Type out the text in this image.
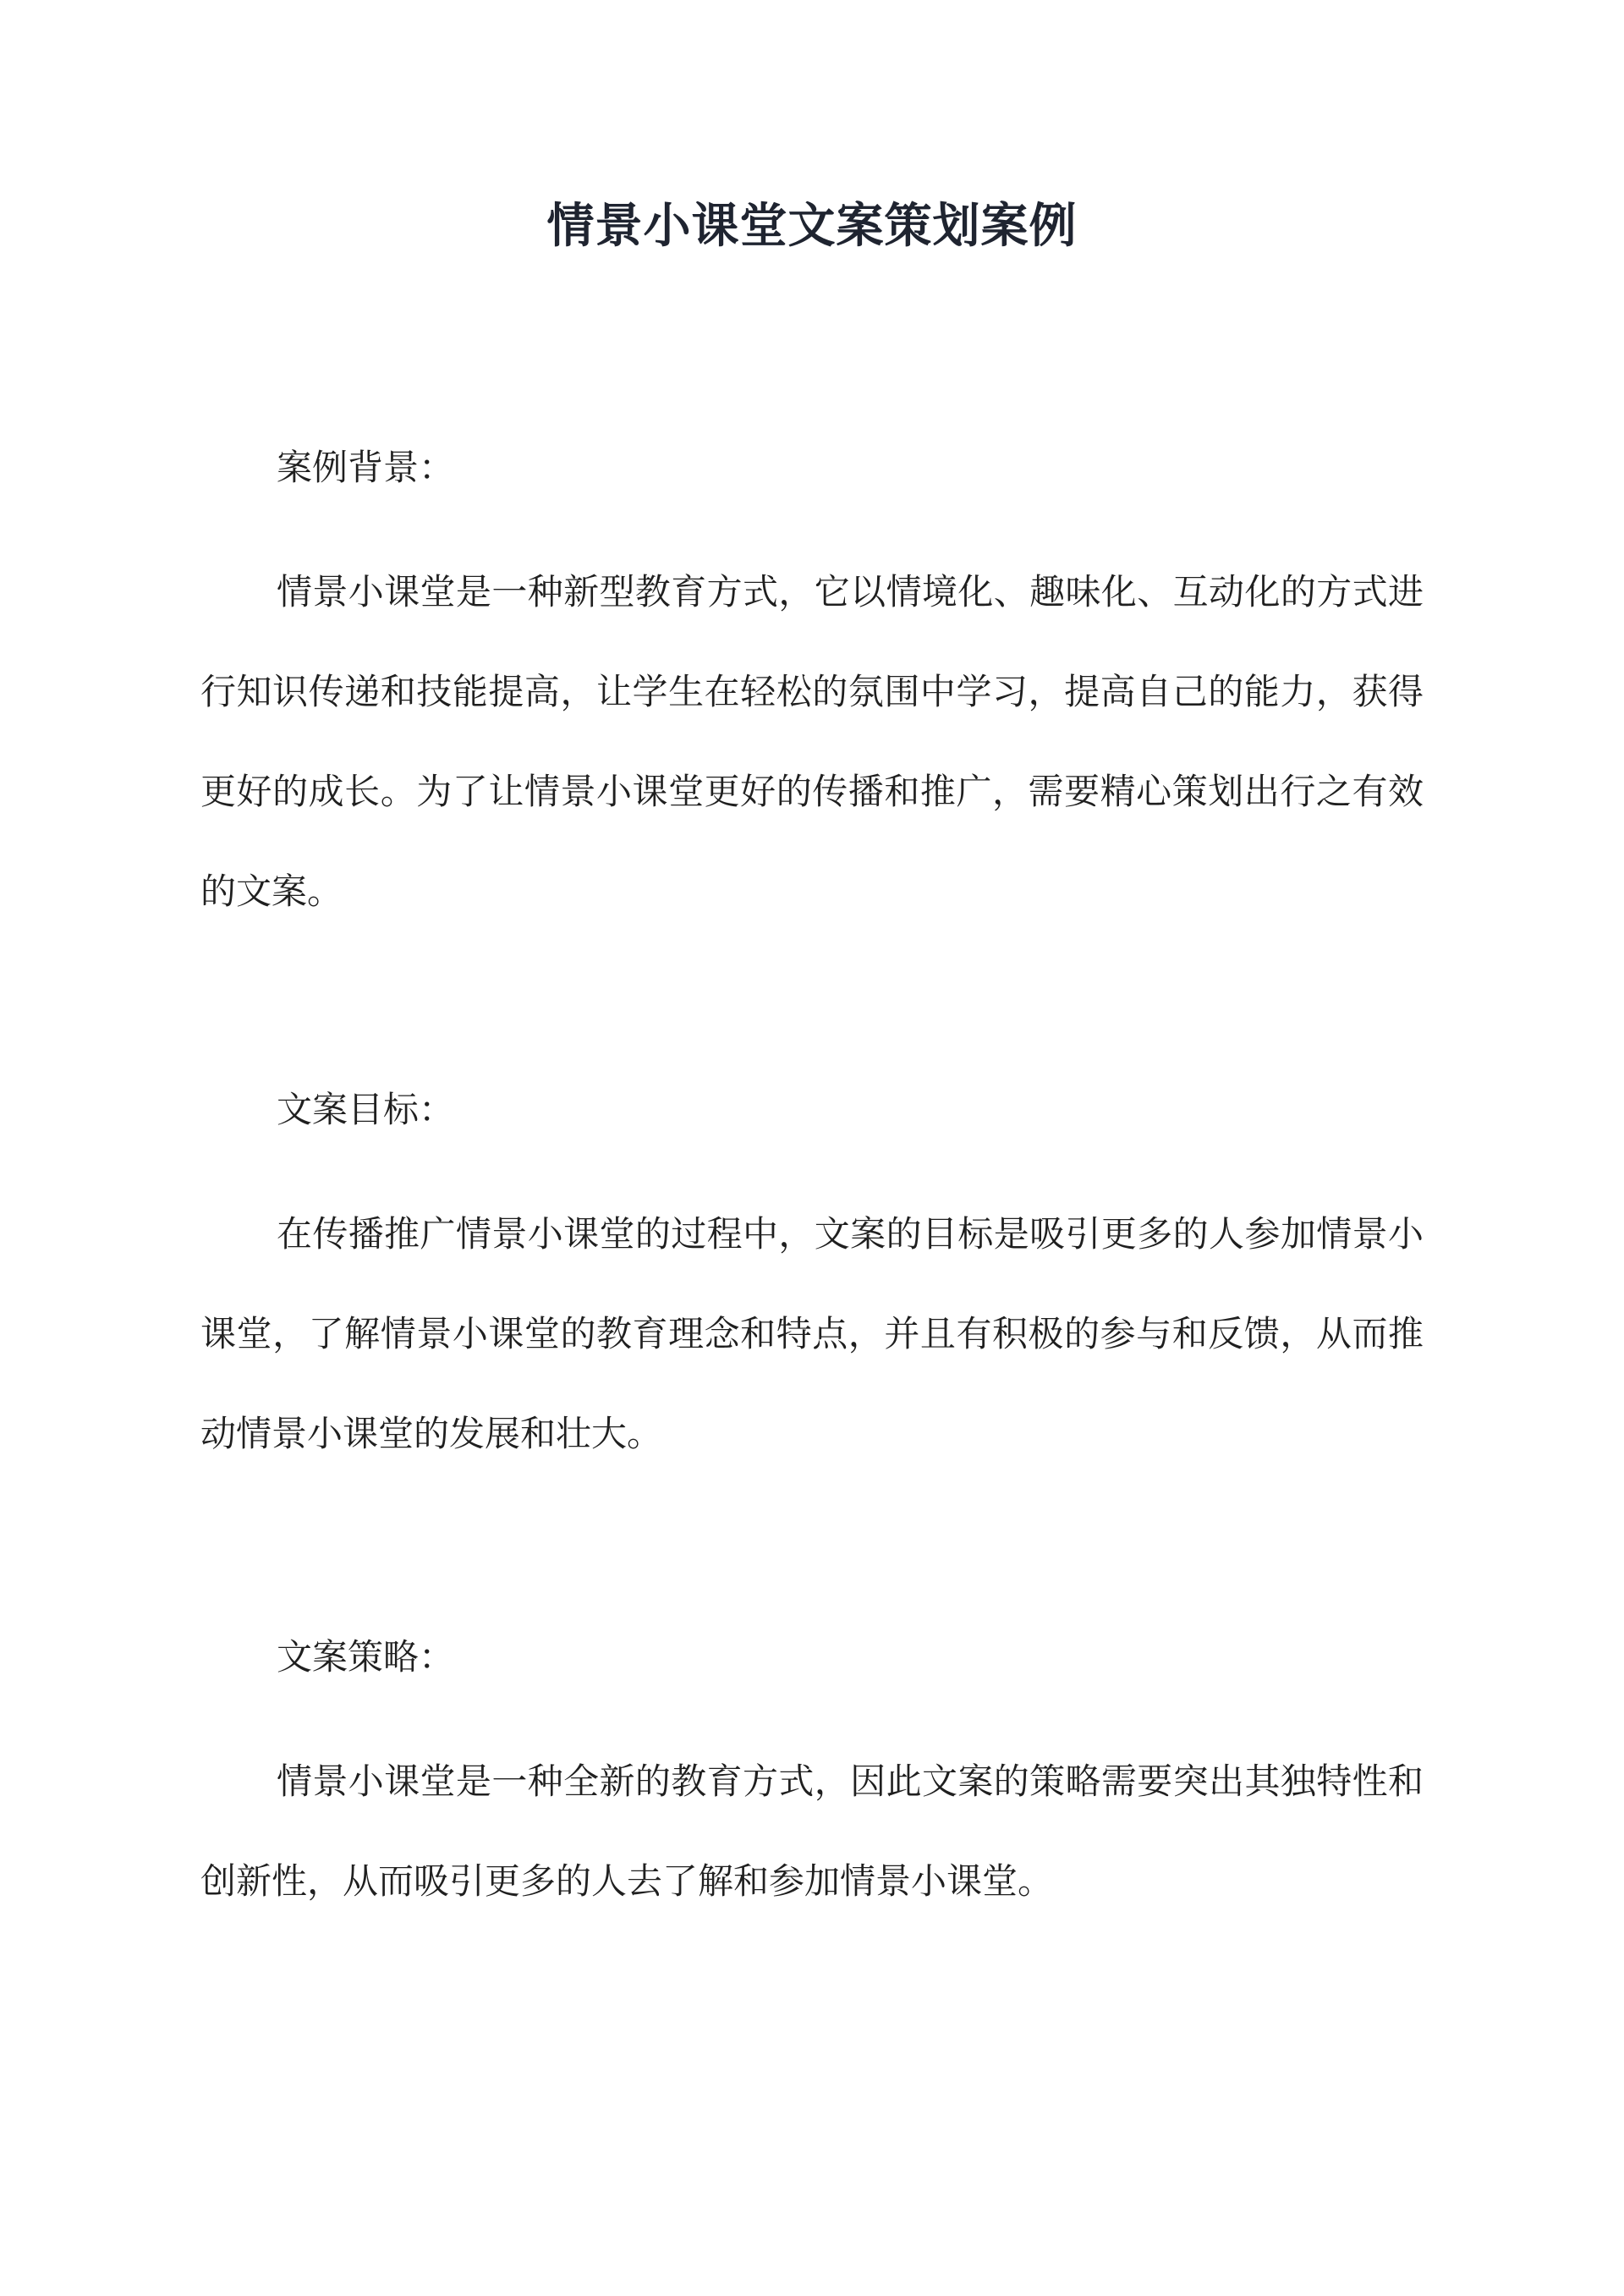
情景小课堂文案策划案例
案例背景：

情景小课堂是一种新型教育方式，它以情境化、趣味化、互动化的方式进行知识传递和技能提高，让学生在轻松的氛围中学习，提高自己的能力，获得更好的成长。为了让情景小课堂更好的传播和推广，需要精心策划出行之有效的文案。

文案目标：

在传播推广情景小课堂的过程中，文案的目标是吸引更多的人参加情景小课堂，了解情景小课堂的教育理念和特点，并且有积极的参与和反馈，从而推动情景小课堂的发展和壮大。

文案策略：

情景小课堂是一种全新的教育方式，因此文案的策略需要突出其独特性和创新性，从而吸引更多的人去了解和参加情景小课堂。
